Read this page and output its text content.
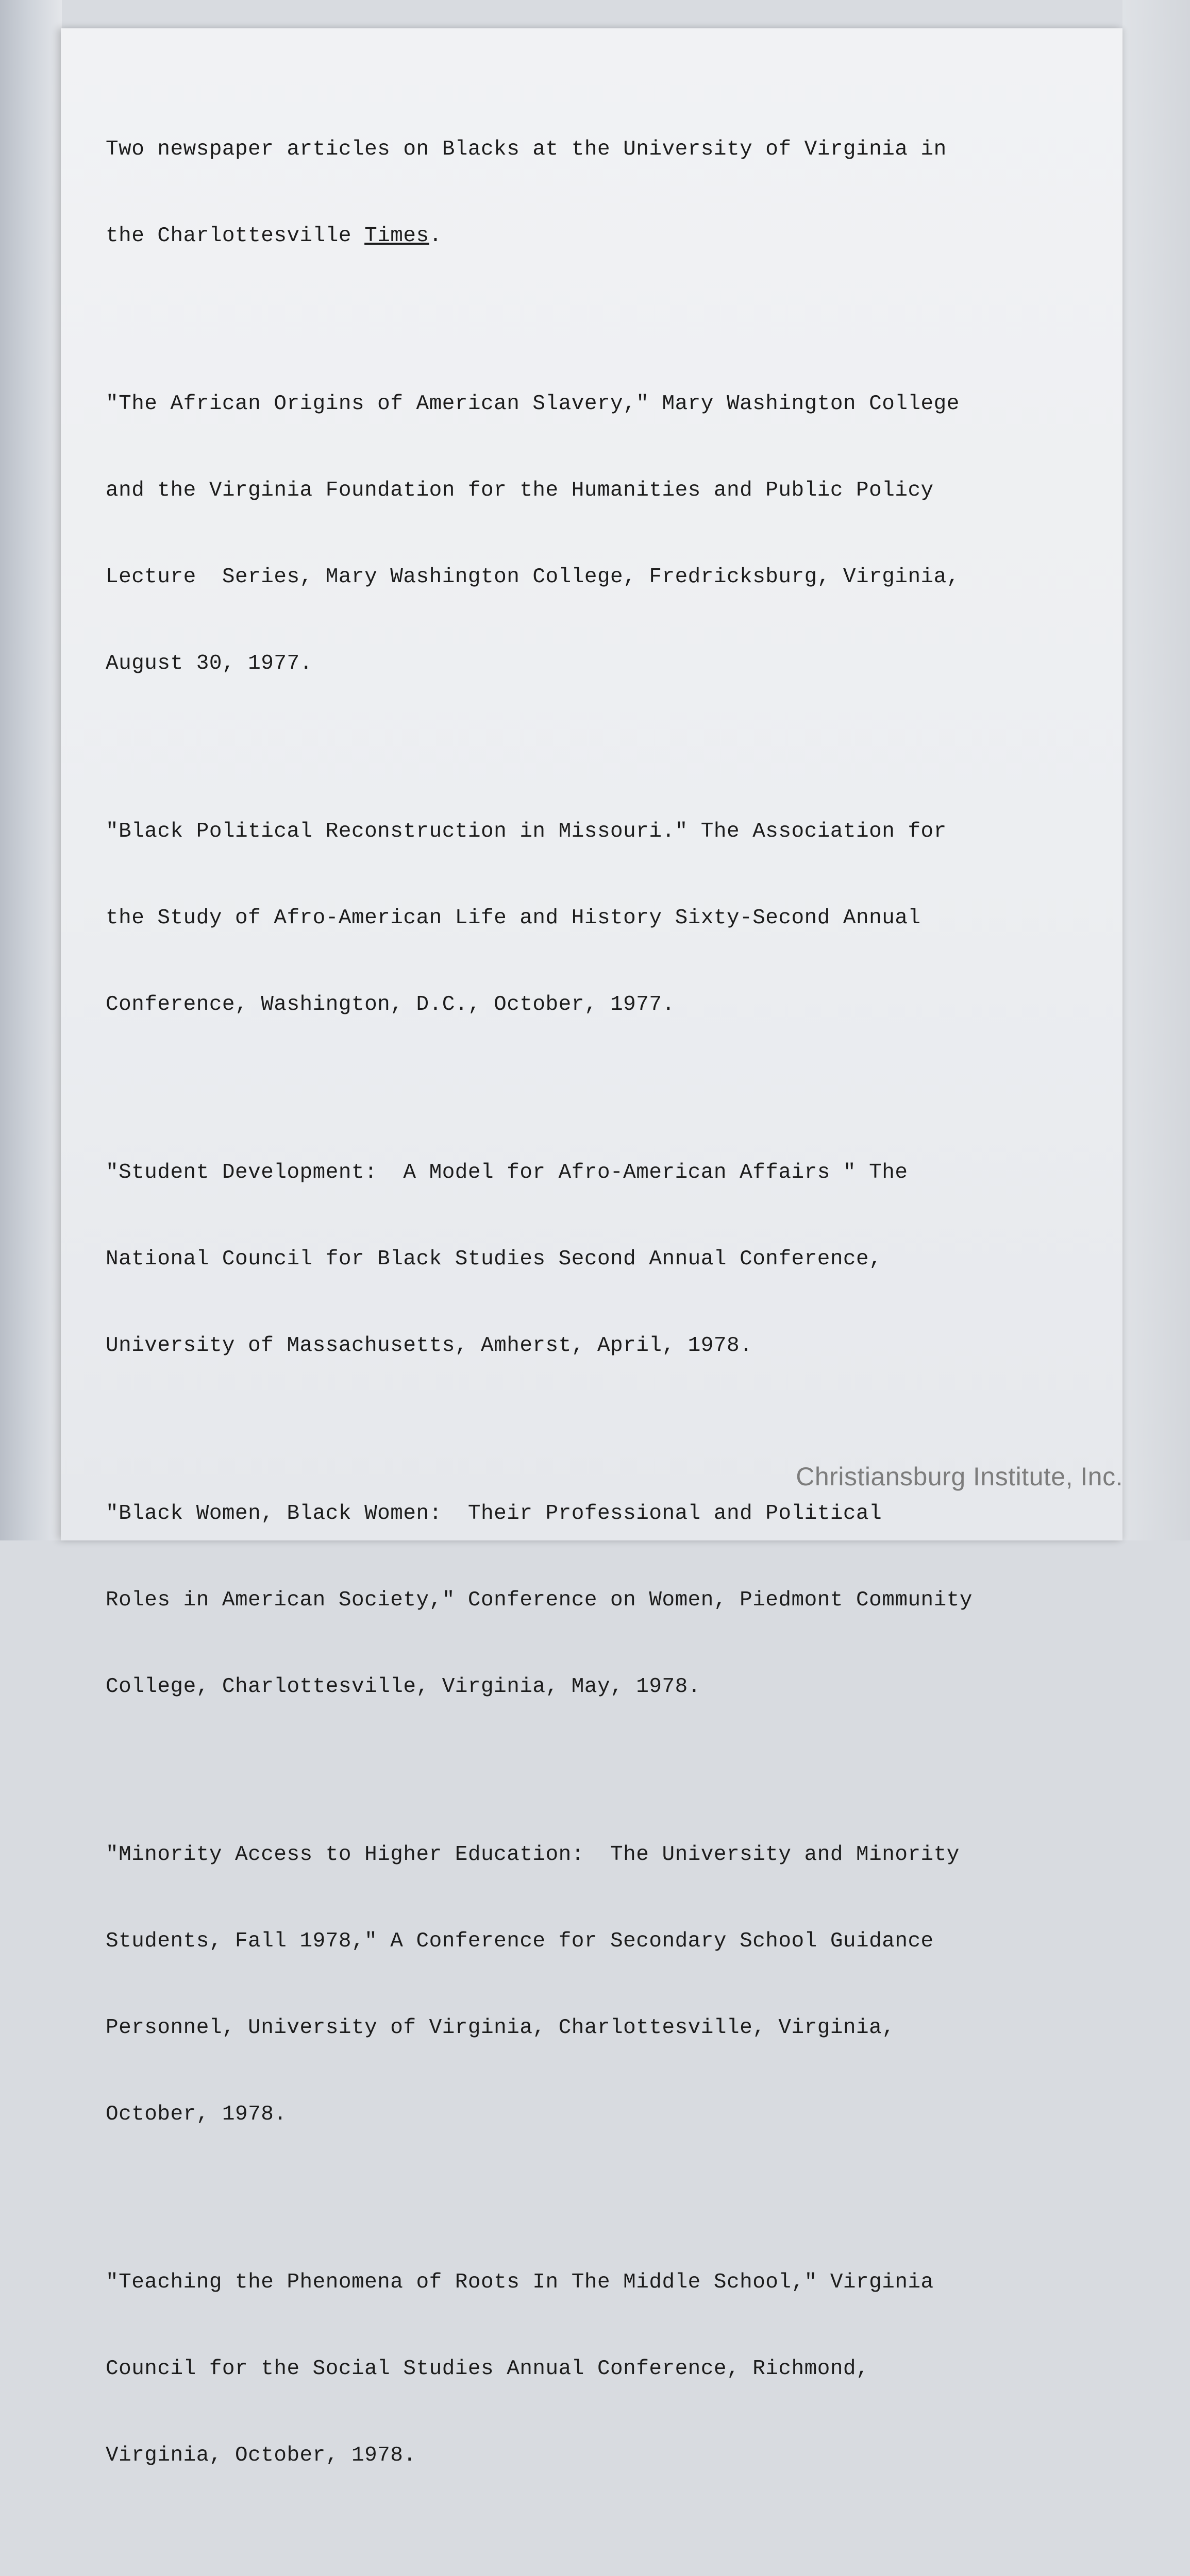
Two newspaper articles on Blacks at the University of Virginia in

the Charlottesville Times.

"The African Origins of American Slavery," Mary Washington College

and the Virginia Foundation for the Humanities and Public Policy

Lecture  Series, Mary Washington College, Fredricksburg, Virginia,

August 30, 1977.

"Black Political Reconstruction in Missouri." The Association for

the Study of Afro-American Life and History Sixty-Second Annual

Conference, Washington, D.C., October, 1977.

"Student Development:  A Model for Afro-American Affairs " The

National Council for Black Studies Second Annual Conference,

University of Massachusetts, Amherst, April, 1978.

"Black Women, Black Women:  Their Professional and Political

Roles in American Society," Conference on Women, Piedmont Community

College, Charlottesville, Virginia, May, 1978.

"Minority Access to Higher Education:  The University and Minority

Students, Fall 1978," A Conference for Secondary School Guidance

Personnel, University of Virginia, Charlottesville, Virginia,

October, 1978.

"Teaching the Phenomena of Roots In The Middle School," Virginia

Council for the Social Studies Annual Conference, Richmond,

Virginia, October, 1978.

Christiansburg Institute, Inc.
